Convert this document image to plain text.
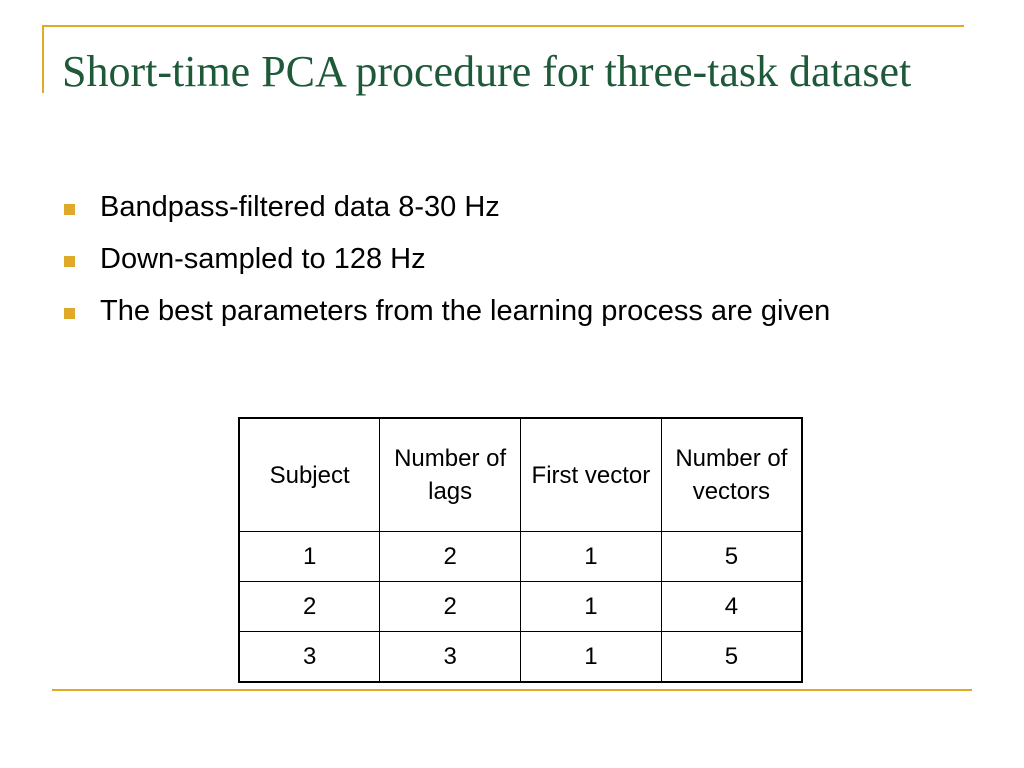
Short-time PCA procedure for three-task dataset
Bandpass-filtered data 8-30 Hz
Down-sampled to 128 Hz
The best parameters from the learning process are given
Subject	Number of lags	First vector	Number of vectors
1	2	1	5
2	2	1	4
3	3	1	5
